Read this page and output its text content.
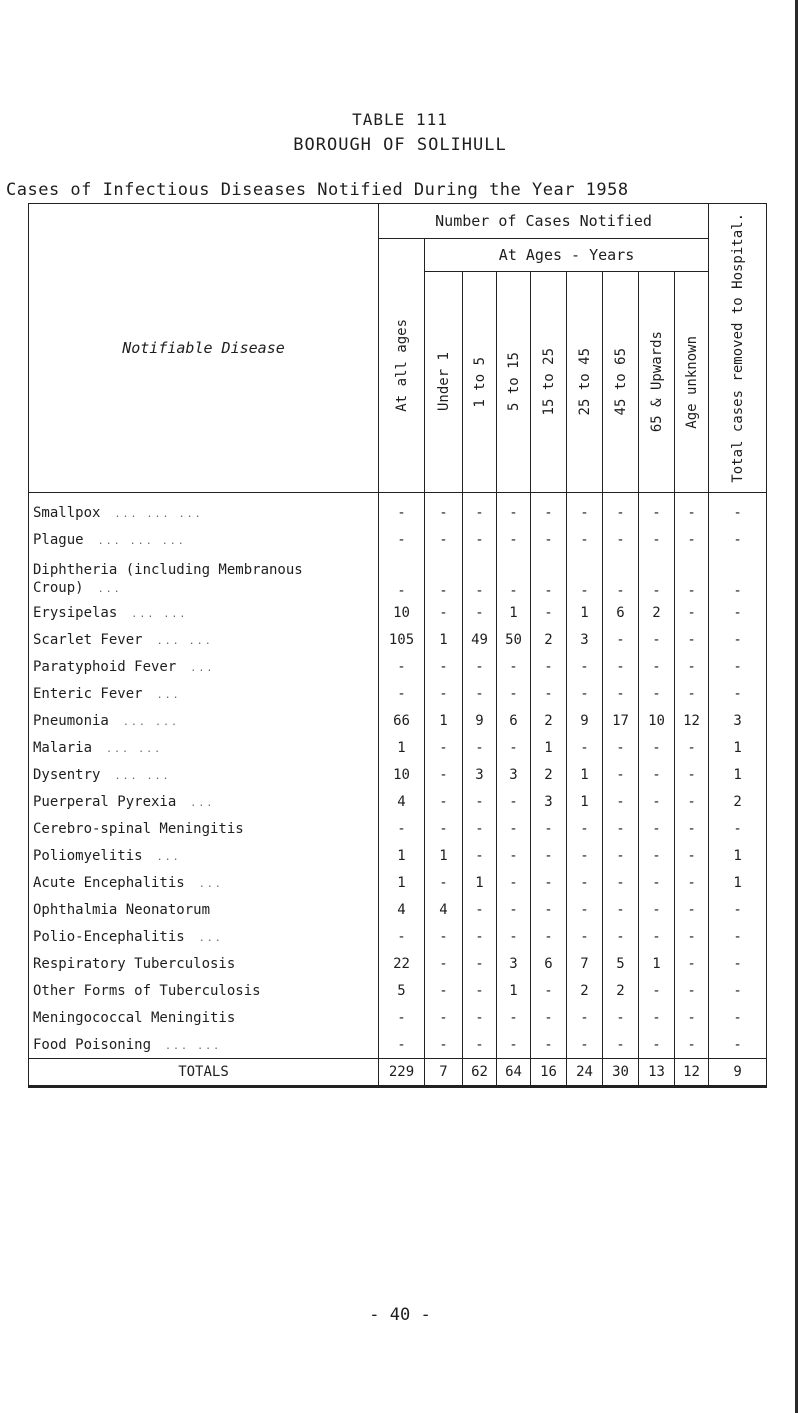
TABLE 111
BOROUGH OF SOLIHULL
Cases of Infectious Diseases Notified During the Year 1958
Notifiable Disease	Number of Cases Notified									Total cases removed to Hospital.

	At all ages	At Ages - Years								

		Under 1	1 to 5	5 to 15	15 to 25	25 to 45	45 to 65	65 & Upwards	Age unknown	

Smallpox ... ... ...	-	-	-	-	-	-	-	-	-	-
Plague ... ... ...	-	-	-	-	-	-	-	-	-	-
Diphtheria (including Membranous Croup) ...	-	-	-	-	-	-	-	-	-	-
Erysipelas ... ...	10	-	-	1	-	1	6	2	-	-
Scarlet Fever ... ...	105	1	49	50	2	3	-	-	-	-
Paratyphoid Fever ...	-	-	-	-	-	-	-	-	-	-
Enteric Fever ...	-	-	-	-	-	-	-	-	-	-
Pneumonia ... ...	66	1	9	6	2	9	17	10	12	3
Malaria ... ...	1	-	-	-	1	-	-	-	-	1
Dysentry ... ...	10	-	3	3	2	1	-	-	-	1
Puerperal Pyrexia ...	4	-	-	-	3	1	-	-	-	2
Cerebro-spinal Meningitis	-	-	-	-	-	-	-	-	-	-
Poliomyelitis ...	1	1	-	-	-	-	-	-	-	1
Acute Encephalitis ...	1	-	1	-	-	-	-	-	-	1
Ophthalmia Neonatorum	4	4	-	-	-	-	-	-	-	-
Polio-Encephalitis ...	-	-	-	-	-	-	-	-	-	-
Respiratory Tuberculosis	22	-	-	3	6	7	5	1	-	-
Other Forms of Tuberculosis	5	-	-	1	-	2	2	-	-	-
Meningococcal Meningitis	-	-	-	-	-	-	-	-	-	-
Food Poisoning ... ...	-	-	-	-	-	-	-	-	-	-
TOTALS	229	7	62	64	16	24	30	13	12	9
- 40 -
